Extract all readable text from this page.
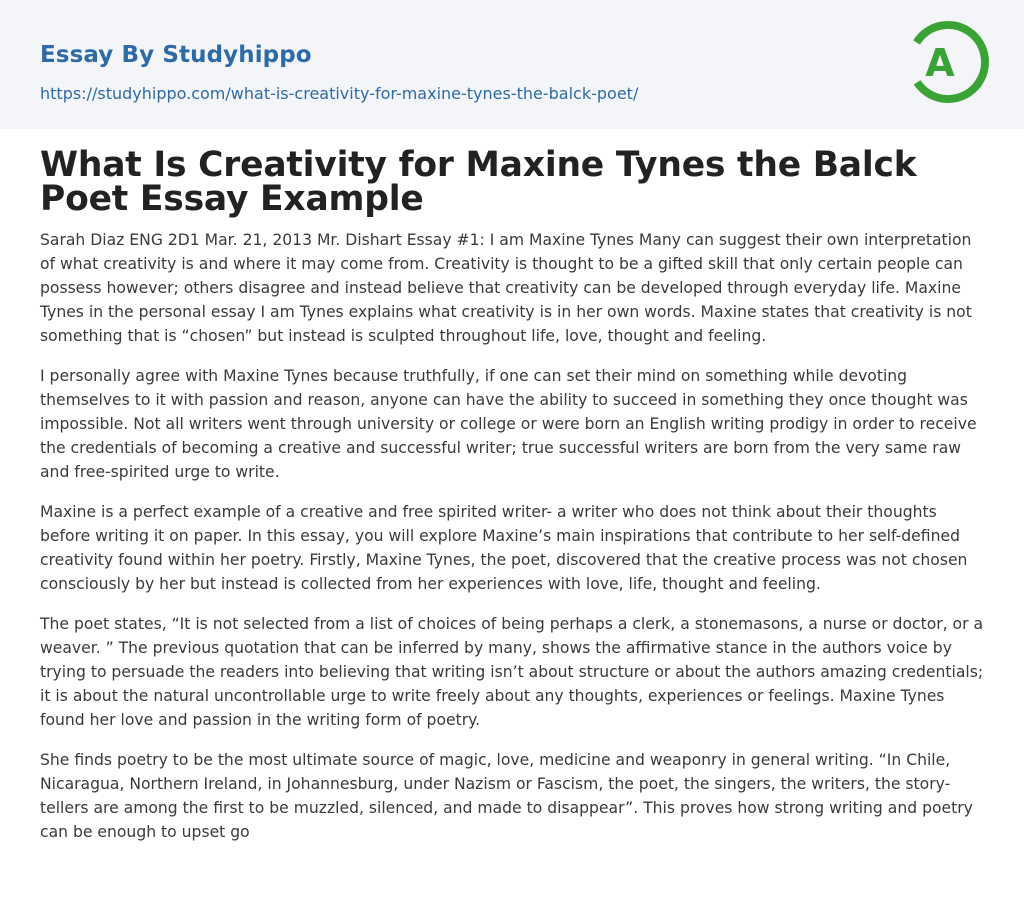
Essay By Studyhippo
https://studyhippo.com/what-is-creativity-for-maxine-tynes-the-balck-poet/
A
What Is Creativity for Maxine Tynes the Balck Poet Essay Example

Sarah Diaz ENG 2D1 Mar. 21, 2013 Mr. Dishart Essay #1: I am Maxine Tynes Many can suggest their own interpretation of what creativity is and where it may come from. Creativity is thought to be a gifted skill that only certain people can possess however; others disagree and instead believe that creativity can be developed through everyday life. Maxine Tynes in the personal essay I am Tynes explains what creativity is in her own words. Maxine states that creativity is not something that is “chosen” but instead is sculpted throughout life, love, thought and feeling.

I personally agree with Maxine Tynes because truthfully, if one can set their mind on something while devoting themselves to it with passion and reason, anyone can have the ability to succeed in something they once thought was impossible. Not all writers went through university or college or were born an English writing prodigy in order to receive the credentials of becoming a creative and successful writer; true successful writers are born from the very same raw and free-spirited urge to write.

Maxine is a perfect example of a creative and free spirited writer- a writer who does not think about their thoughts before writing it on paper. In this essay, you will explore Maxine’s main inspirations that contribute to her self-defined creativity found within her poetry. Firstly, Maxine Tynes, the poet, discovered that the creative process was not chosen consciously by her but instead is collected from her experiences with love, life, thought and feeling.

The poet states, “It is not selected from a list of choices of being perhaps a clerk, a stonemasons, a nurse or doctor, or a weaver. ” The previous quotation that can be inferred by many, shows the affirmative stance in the authors voice by trying to persuade the readers into believing that writing isn’t about structure or about the authors amazing credentials; it is about the natural uncontrollable urge to write freely about any thoughts, experiences or feelings. Maxine Tynes found her love and passion in the writing form of poetry.

She finds poetry to be the most ultimate source of magic, love, medicine and weaponry in general writing. “In Chile, Nicaragua, Northern Ireland, in Johannesburg, under Nazism or Fascism, the poet, the singers, the writers, the story-tellers are among the first to be muzzled, silenced, and made to disappear”. This proves how strong writing and poetry can be enough to upset go
